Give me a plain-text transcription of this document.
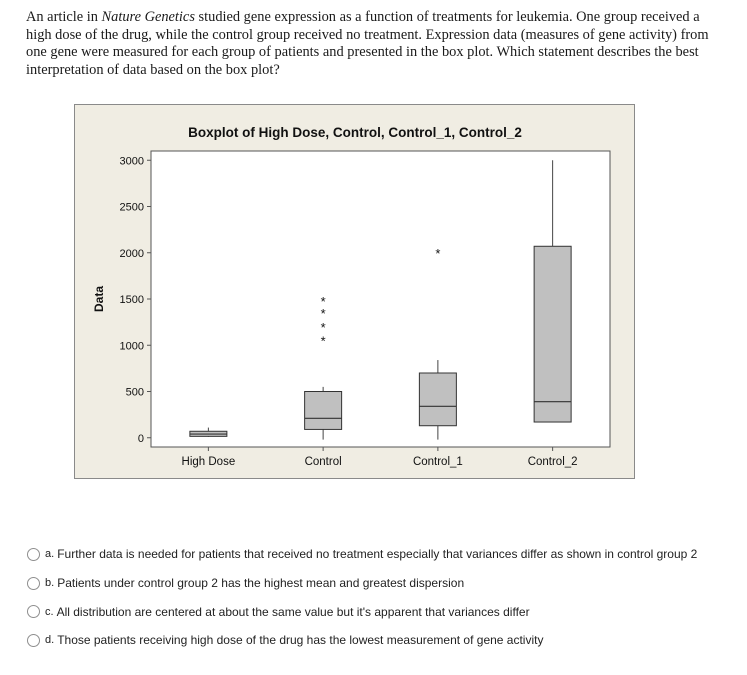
An article in Nature Genetics studied gene expression as a function of treatments for leukemia. One group received a high dose of the drug, while the control group received no treatment. Expression data (measures of gene activity) from one gene were measured for each group of patients and presented in the box plot. Which statement describes the best interpretation of data based on the box plot?
Boxplot of High Dose, Control, Control_1, Control_2
Data
0
500
1000
1500
2000
2500
3000
High Dose	Control	Control_1	Control_2
*
*
*
*
*
a. Further data is needed for patients that received no treatment especially that variances differ as shown in control group 2
b. Patients under control group 2 has the highest mean and greatest dispersion
c. All distribution are centered at about the same value but it's apparent that variances differ
d. Those patients receiving high dose of the drug has the lowest measurement of gene activity
